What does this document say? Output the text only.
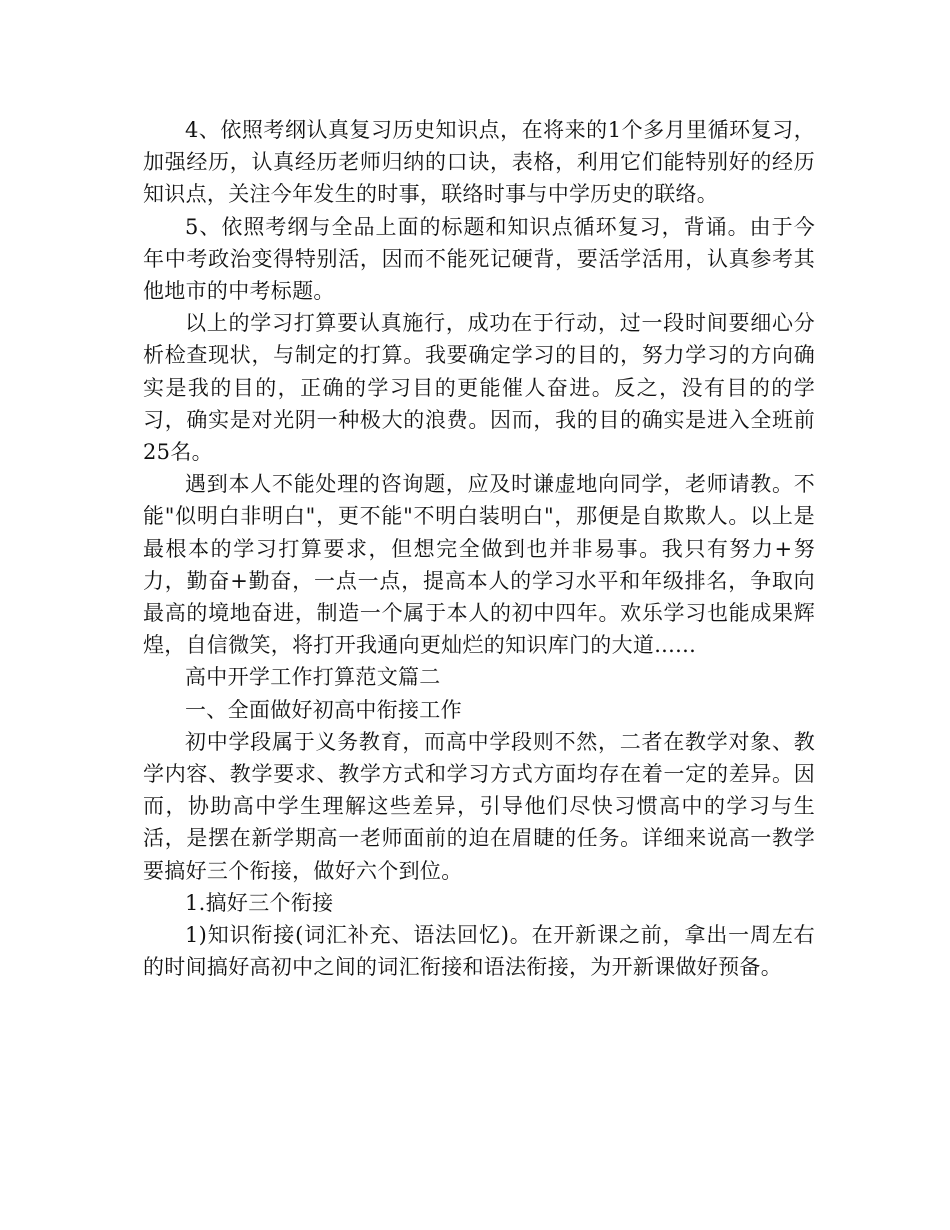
4、依照考纲认真复习历史知识点，在将来的1个多月里循环复习，加强经历，认真经历老师归纳的口诀，表格，利用它们能特别好的经历知识点，关注今年发生的时事，联络时事与中学历史的联络。

5、依照考纲与全品上面的标题和知识点循环复习，背诵。由于今年中考政治变得特别活，因而不能死记硬背，要活学活用，认真参考其他地市的中考标题。

以上的学习打算要认真施行，成功在于行动，过一段时间要细心分析检查现状，与制定的打算。我要确定学习的目的，努力学习的方向确实是我的目的，正确的学习目的更能催人奋进。反之，没有目的的学习，确实是对光阴一种极大的浪费。因而，我的目的确实是进入全班前25名。

遇到本人不能处理的咨询题，应及时谦虚地向同学，老师请教。不能"似明白非明白"，更不能"不明白装明白"，那便是自欺欺人。以上是最根本的学习打算要求，但想完全做到也并非易事。我只有努力+努力，勤奋+勤奋，一点一点，提高本人的学习水平和年级排名，争取向最高的境地奋进，制造一个属于本人的初中四年。欢乐学习也能成果辉煌，自信微笑，将打开我通向更灿烂的知识库门的大道......

高中开学工作打算范文篇二

一、全面做好初高中衔接工作

初中学段属于义务教育，而高中学段则不然，二者在教学对象、教学内容、教学要求、教学方式和学习方式方面均存在着一定的差异。因而，协助高中学生理解这些差异，引导他们尽快习惯高中的学习与生活，是摆在新学期高一老师面前的迫在眉睫的任务。详细来说高一教学要搞好三个衔接，做好六个到位。

1.搞好三个衔接

1)知识衔接(词汇补充、语法回忆)。在开新课之前，拿出一周左右的时间搞好高初中之间的词汇衔接和语法衔接，为开新课做好预备。
